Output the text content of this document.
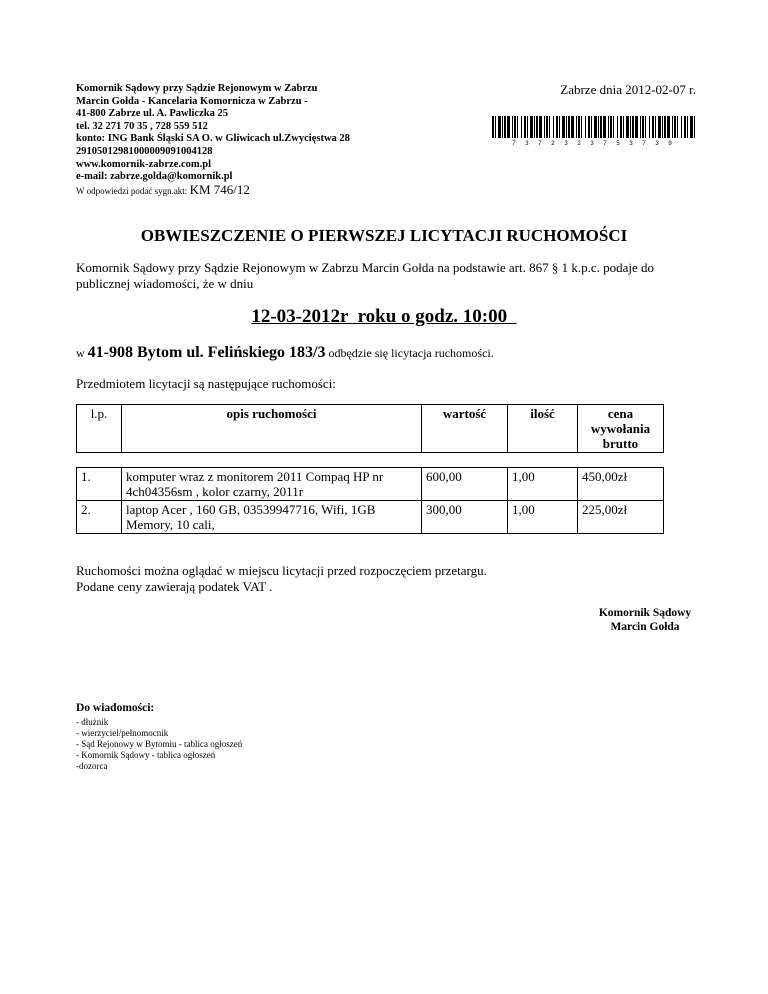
Komornik Sądowy przy Sądzie Rejonowym w Zabrzu
Marcin Gołda - Kancelaria Komornicza w Zabrzu -
41-800 Zabrze ul. A. Pawliczka 25
tel. 32 271 70 35 , 728 559 512
konto: ING Bank Śląski SA O. w Gliwicach ul.Zwycięstwa 28
29105012981000009091004128
www.komornik-zabrze.com.pl
e-mail: zabrze.golda@komornik.pl
W odpowiedzi podać sygn.akt: KM 746/12
Zabrze dnia 2012-02-07 r.
7 3 7 2 3 2 3 7 5 3 7 3 9
OBWIESZCZENIE O PIERWSZEJ LICYTACJI RUCHOMOŚCI
Komornik Sądowy przy Sądzie Rejonowym w Zabrzu Marcin Gołda na podstawie art. 867 § 1 k.p.c. podaje do publicznej wiadomości, że w dniu
12-03-2012r  roku o godz. 10:00
w 41-908 Bytom ul. Felińskiego 183/3 odbędzie się licytacja ruchomości.
Przedmiotem licytacji są następujące ruchomości:
l.p.	opis ruchomości	wartość	ilość	cena wywołania brutto

1.	komputer wraz z monitorem 2011 Compaq HP nr 4ch04356sm , kolor czarny, 2011r	600,00	1,00	450,00zł
2.	laptop Acer , 160 GB, 03539947716, Wifi, 1GB Memory, 10 cali,	300,00	1,00	225,00zł
Ruchomości można oglądać w miejscu licytacji przed rozpoczęciem przetargu.
Podane ceny zawierają podatek VAT .
Komornik Sądowy
Marcin Gołda
Do wiadomości:
- dłużnik
- wierzyciel/pełnomocnik
- Sąd Rejonowy w Bytomiu - tablica ogłoszeń
- Komornik Sądowy - tablica ogłoszeń
-dozorca
